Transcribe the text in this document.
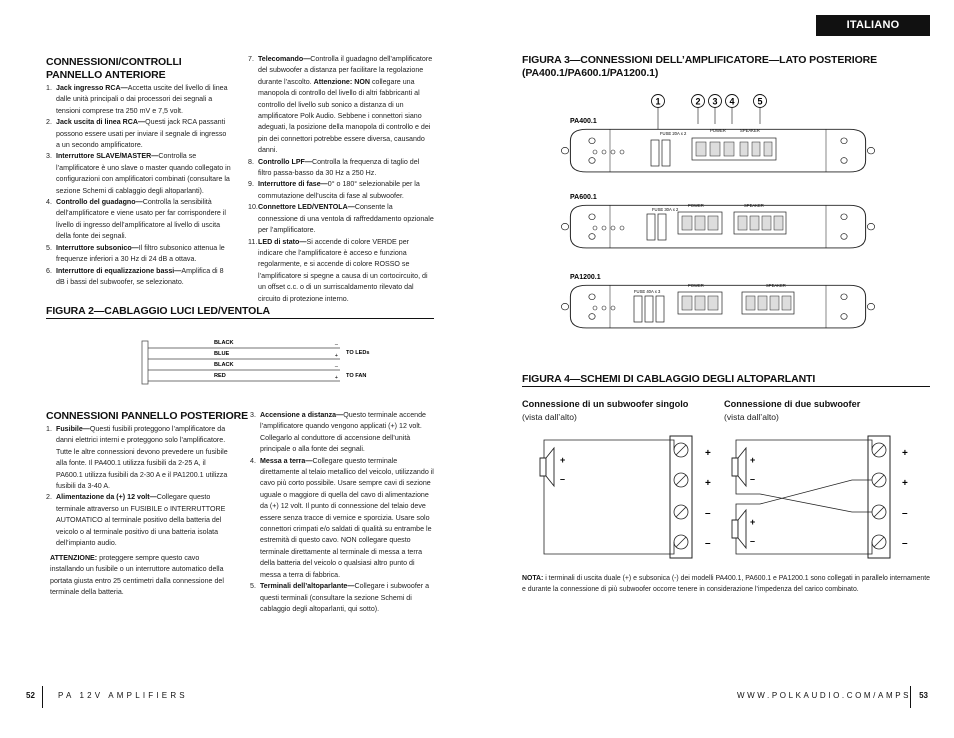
ITALIANO
CONNESSIONI/CONTROLLI
PANNELLO ANTERIORE
1. Jack ingresso RCA—Accetta uscite del livello di linea dalle unità principali o dai processori dei segnali a tensioni comprese tra 250 mV e 7,5 volt.
2. Jack uscita di linea RCA—Questi jack RCA passanti possono essere usati per inviare il segnale di ingresso a un secondo amplificatore.
3. Interruttore SLAVE/MASTER—Controlla se l’amplificatore è uno slave o master quando collegato in configurazioni con amplificatori combinati (consultare la sezione Schemi di cablaggio degli altoparlanti).
4. Controllo del guadagno—Controlla la sensibilità dell’amplificatore e viene usato per far corrispondere il livello di ingresso dell’amplificatore al livello di uscita della fonte dei segnali.
5. Interruttore subsonico—Il filtro subsonico attenua le frequenze inferiori a 30 Hz di 24 dB a ottava.
6. Interruttore di equalizzazione bassi—Amplifica di 8 dB i bassi del subwoofer, se selezionato.
7. Telecomando—Controlla il guadagno dell’amplificatore del subwoofer a distanza per facilitare la regolazione durante l’ascolto. Attenzione: NON collegare una manopola di controllo del livello di altri fabbricanti al controllo del livello sub sonico a distanza di un amplificatore Polk Audio. Sebbene i connettori siano adeguati, la posizione della manopola di controllo e dei pin dei connettori potrebbe essere diversa, causando danni.
8. Controllo LPF—Controlla la frequenza di taglio del filtro passa-basso da 30 Hz a 250 Hz.
9. Interruttore di fase—0° o 180° selezionabile per la commutazione dell’uscita di fase al subwoofer.
10. Connettore LED/VENTOLA—Consente la connessione di una ventola di raffreddamento opzionale per l’amplificatore.
11. LED di stato—Si accende di colore VERDE per indicare che l’amplificatore è acceso e funziona regolarmente, e si accende di colore ROSSO se l’amplificatore si spegne a causa di un cortocircuito, di un offset c.c. o di un surriscaldamento rilevato dal circuito di protezione interno.
FIGURA 2—CABLAGGIO LUCI LED/VENTOLA
BLACK
BLUE
BLACK
RED
–
+
–
+
TO LEDs
TO FAN
CONNESSIONI PANNELLO POSTERIORE
1. Fusibile—Questi fusibili proteggono l’amplificatore da danni elettrici interni e proteggono solo l’amplificatore. Tutte le altre connessioni devono prevedere un fusibile alla fonte. Il PA400.1 utilizza fusibili da 2-25 A, il PA600.1 utilizza fusibili da 2-30 A e il PA1200.1 utilizza fusibili da 3-40 A.
2. Alimentazione da (+) 12 volt—Collegare questo terminale attraverso un FUSIBILE o INTERRUTTORE AUTOMATICO al terminale positivo della batteria del veicolo o al terminale positivo di una batteria isolata dell’impianto audio.
ATTENZIONE: proteggere sempre questo cavo installando un fusibile o un interruttore automatico della portata giusta entro 25 centimetri dalla connessione del terminale della batteria.
3. Accensione a distanza—Questo terminale accende l’amplificatore quando vengono applicati (+) 12 volt. Collegarlo al conduttore di accensione dell’unità principale o alla fonte dei segnali.
4. Messa a terra—Collegare questo terminale direttamente al telaio metallico del veicolo, utilizzando il cavo più corto possibile. Usare sempre cavi di sezione uguale o maggiore di quella del cavo di alimentazione da (+) 12 volt. Il punto di connessione del telaio deve essere senza tracce di vernice e sporcizia. Usare solo connettori crimpati e/o saldati di qualità su entrambe le estremità di questo cavo. NON collegare questo terminale direttamente al terminale di messa a terra della batteria del veicolo o qualsiasi altro punto di messa a terra di fabbrica.
5. Terminali dell’altoparlante—Collegare i subwoofer a questi terminali (consultare la sezione Schemi di cablaggio degli altoparlanti, qui sotto).
FIGURA 3—CONNESSIONI DELL’AMPLIFICATORE—LATO POSTERIORE
(PA400.1/PA600.1/PA1200.1)
1	2 3 4	5
PA400.1
FUSE 20A x 2
POWER	SPEAKER
PA600.1
FUSE 30A x 2
POWER	SPEAKER
PA1200.1
FUSE 40A x 3
POWER	SPEAKER
FIGURA 4—SCHEMI DI CABLAGGIO DEGLI ALTOPARLANTI
Connessione di un subwoofer singolo
(vista dall’alto)
Connessione di due subwoofer
(vista dall’alto)
+
+
–
–
+
–
+
+
–
–
+
–
+
–
NOTA: i terminali di uscita duale (+) e subsonica (-) dei modelli PA400.1, PA600.1 e PA1200.1 sono collegati in parallelo internamente e durante la connessione di più subwoofer occorre tenere in considerazione l’impedenza del carico combinato.
52	PA 12V AMPLIFIERS	WWW.POLKAUDIO.COM/AMPS 53
